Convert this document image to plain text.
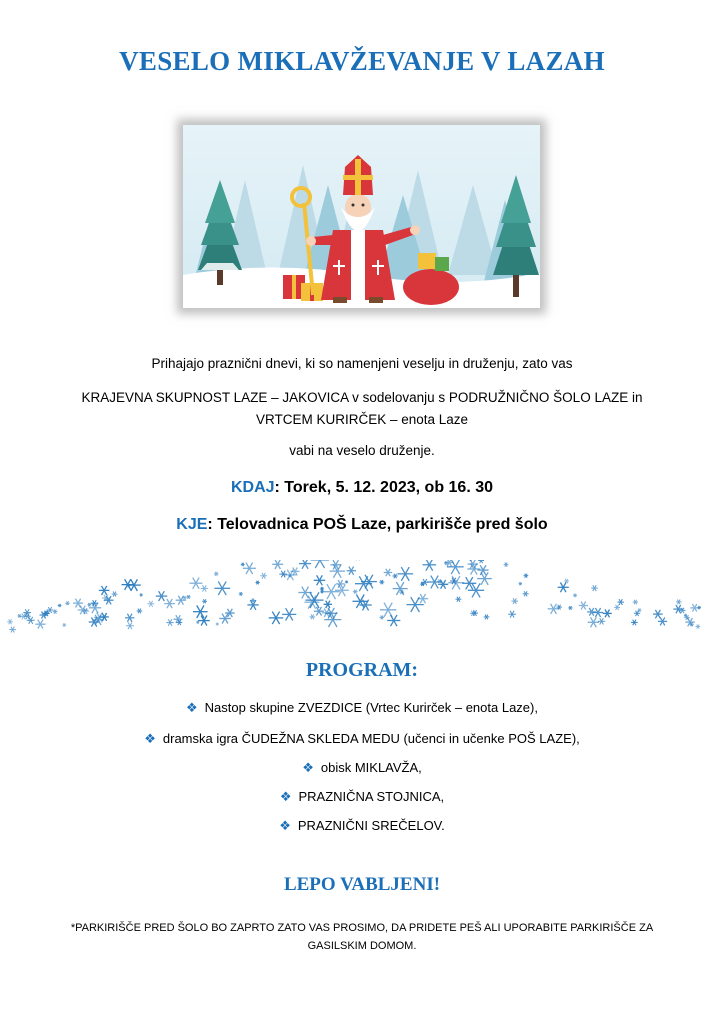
VESELO MIKLAVŽEVANJE V LAZAH
Prihajajo praznični dnevi, ki so namenjeni veselju in druženju, zato vas
KRAJEVNA SKUPNOST LAZE – JAKOVICA v sodelovanju s PODRUŽNIČNO ŠOLO LAZE in
VRTCEM KURIRČEK – enota Laze
vabi na veselo druženje.
KDAJ: Torek, 5. 12. 2023, ob 16. 30
KJE: Telovadnica POŠ Laze, parkirišče pred šolo
PROGRAM:
❖ Nastop skupine ZVEZDICE (Vrtec Kurirček – enota Laze),
❖ dramska igra ČUDEŽNA SKLEDA MEDU (učenci in učenke POŠ LAZE),
❖ obisk MIKLAVŽA,
❖ PRAZNIČNA STOJNICA,
❖ PRAZNIČNI SREČELOV.
LEPO VABLJENI!
*PARKIRIŠČE PRED ŠOLO BO ZAPRTO ZATO VAS PROSIMO, DA PRIDETE PEŠ ALI UPORABITE PARKIRIŠČE ZA
GASILSKIM DOMOM.
